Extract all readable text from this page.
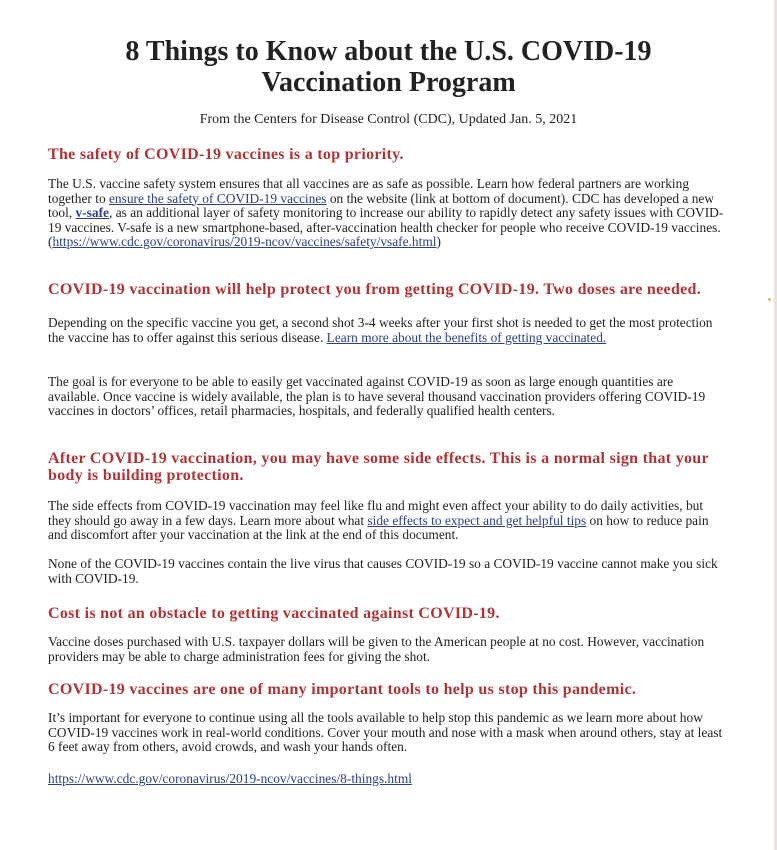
8 Things to Know about the U.S. COVID-19
Vaccination Program
From the Centers for Disease Control (CDC), Updated Jan. 5, 2021
The safety of COVID-19 vaccines is a top priority.
The U.S. vaccine safety system ensures that all vaccines are as safe as possible. Learn how federal partners are working together to ensure the safety of COVID-19 vaccines on the website (link at bottom of document). CDC has developed a new tool, v-safe, as an additional layer of safety monitoring to increase our ability to rapidly detect any safety issues with COVID-19 vaccines. V-safe is a new smartphone-based, after-vaccination health checker for people who receive COVID-19 vaccines. (https://www.cdc.gov/coronavirus/2019-ncov/vaccines/safety/vsafe.html)
COVID-19 vaccination will help protect you from getting COVID-19. Two doses are needed.
Depending on the specific vaccine you get, a second shot 3-4 weeks after your first shot is needed to get the most protection the vaccine has to offer against this serious disease. Learn more about the benefits of getting vaccinated.
The goal is for everyone to be able to easily get vaccinated against COVID-19 as soon as large enough quantities are available. Once vaccine is widely available, the plan is to have several thousand vaccination providers offering COVID-19 vaccines in doctors’ offices, retail pharmacies, hospitals, and federally qualified health centers.
After COVID-19 vaccination, you may have some side effects. This is a normal sign that your body is building protection.
The side effects from COVID-19 vaccination may feel like flu and might even affect your ability to do daily activities, but they should go away in a few days. Learn more about what side effects to expect and get helpful tips on how to reduce pain and discomfort after your vaccination at the link at the end of this document.
None of the COVID-19 vaccines contain the live virus that causes COVID-19 so a COVID-19 vaccine cannot make you sick with COVID-19.
Cost is not an obstacle to getting vaccinated against COVID-19.
Vaccine doses purchased with U.S. taxpayer dollars will be given to the American people at no cost. However, vaccination providers may be able to charge administration fees for giving the shot.
COVID-19 vaccines are one of many important tools to help us stop this pandemic.
It’s important for everyone to continue using all the tools available to help stop this pandemic as we learn more about how COVID-19 vaccines work in real-world conditions. Cover your mouth and nose with a mask when around others, stay at least 6 feet away from others, avoid crowds, and wash your hands often.
https://www.cdc.gov/coronavirus/2019-ncov/vaccines/8-things.html
